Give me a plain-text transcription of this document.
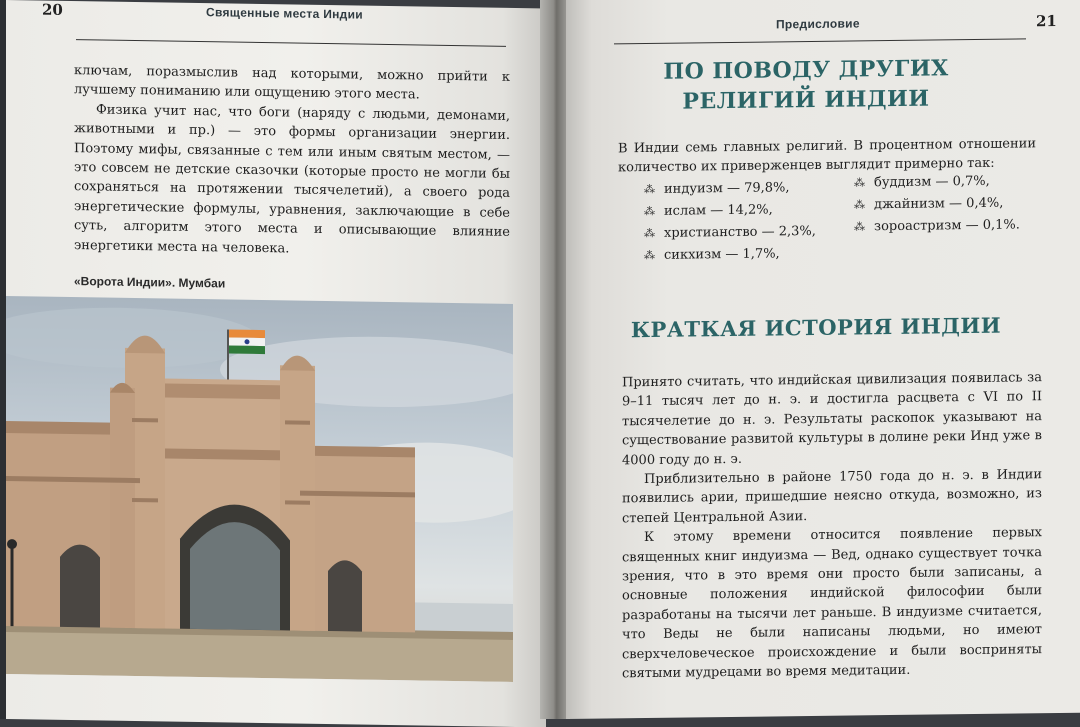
20	Священные места Индии

ключам, поразмыслив над которыми, можно прийти к лучшему пониманию или ощущению этого места.

Физика учит нас, что боги (наряду с людьми, демонами, животными и пр.) — это формы организации энергии. Поэтому мифы, связанные с тем или иным святым местом, — это совсем не детские сказочки (которые просто не могли бы сохраняться на протяжении тысячелетий), а своего рода энергетические формулы, уравнения, заключающие в себе суть, алгоритм этого места и описывающие влияние энергетики места на человека.

«Ворота Индии». Мумбаи
Предисловие	21
ПО ПОВОДУ ДРУГИХ
РЕЛИГИЙ ИНДИИ

В Индии семь главных религий. В процентном отношении количество их приверженцев выглядит примерно так:

⁂ индуизм — 79,8%,
⁂ ислам — 14,2%,
⁂ христианство — 2,3%,
⁂ сикхизм — 1,7%,
⁂ буддизм — 0,7%,
⁂ джайнизм — 0,4%,
⁂ зороастризм — 0,1%.
КРАТКАЯ ИСТОРИЯ ИНДИИ

Принято считать, что индийская цивилизация появилась за 9–11 тысяч лет до н. э. и достигла расцвета с VI по II тысячелетие до н. э. Результаты раскопок указывают на существование развитой культуры в долине реки Инд уже в 4000 году до н. э.

Приблизительно в районе 1750 года до н. э. в Индии появились арии, пришедшие неясно откуда, возможно, из степей Центральной Азии.

К этому времени относится появление первых священных книг индуизма — Вед, однако существует точка зрения, что в это время они просто были записаны, а основные положения индийской философии были разработаны на тысячи лет раньше. В индуизме считается, что Веды не были написаны людьми, но имеют сверхчеловеческое происхождение и были восприняты святыми мудрецами во время медитации.
